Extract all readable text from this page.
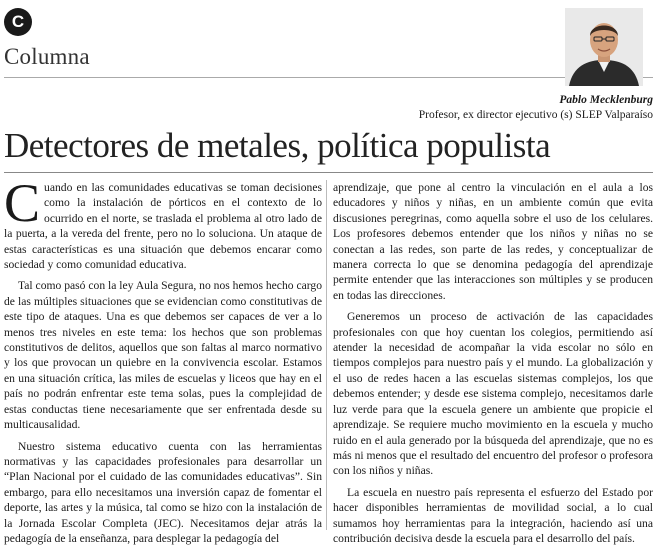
C
Columna
Pablo Mecklenburg
Profesor, ex director ejecutivo (s) SLEP Valparaíso
Detectores de metales, política populista

Cuando en las comunidades educativas se toman decisiones como la instalación de pórticos en el contexto de lo ocurrido en el norte, se traslada el problema al otro lado de la puerta, a la vereda del frente, pero no lo soluciona. Un ataque de estas características es una situación que debemos encarar como sociedad y como comunidad educativa.

Tal como pasó con la ley Aula Segura, no nos hemos hecho cargo de las múltiples situaciones que se evidencian como constitutivas de este tipo de ataques. Una es que debemos ser capaces de ver a lo menos tres niveles en este tema: los hechos que son problemas constitutivos de delitos, aquellos que son faltas al marco normativo y los que provocan un quiebre en la convivencia escolar. Estamos en una situación crítica, las miles de escuelas y liceos que hay en el país no podrán enfrentar este tema solas, pues la complejidad de estas conductas tiene necesariamente que ser enfrentada desde su multicausalidad.

Nuestro sistema educativo cuenta con las herramientas normativas y las capacidades profesionales para desarrollar un “Plan Nacional por el cuidado de las comunidades educativas”. Sin embargo, para ello necesitamos una inversión capaz de fomentar el deporte, las artes y la música, tal como se hizo con la instalación de la Jornada Escolar Completa (JEC). Necesitamos dejar atrás la pedagogía de la enseñanza, para desplegar la pedagogía del

aprendizaje, que pone al centro la vinculación en el aula a los educadores y niños y niñas, en un ambiente común que evita discusiones peregrinas, como aquella sobre el uso de los celulares. Los profesores debemos entender que los niños y niñas no se conectan a las redes, son parte de las redes, y conceptualizar de manera correcta lo que se denomina pedagogía del aprendizaje permite entender que las interacciones son múltiples y se producen en todas las direcciones.

Generemos un proceso de activación de las capacidades profesionales con que hoy cuentan los colegios, permitiendo así atender la necesidad de acompañar la vida escolar no sólo en tiempos complejos para nuestro país y el mundo. La globalización y el uso de redes hacen a las escuelas sistemas complejos, los que debemos entender; y desde ese sistema complejo, necesitamos darle luz verde para que la escuela genere un ambiente que propicie el aprendizaje. Se requiere mucho movimiento en la escuela y mucho ruido en el aula generado por la búsqueda del aprendizaje, que no es más ni menos que el resultado del encuentro del profesor o profesora con los niños y niñas.

La escuela en nuestro país representa el esfuerzo del Estado por hacer disponibles herramientas de movilidad social, a lo cual sumamos hoy herramientas para la integración, haciendo así una contribución decisiva desde la escuela para el desarrollo del país.
